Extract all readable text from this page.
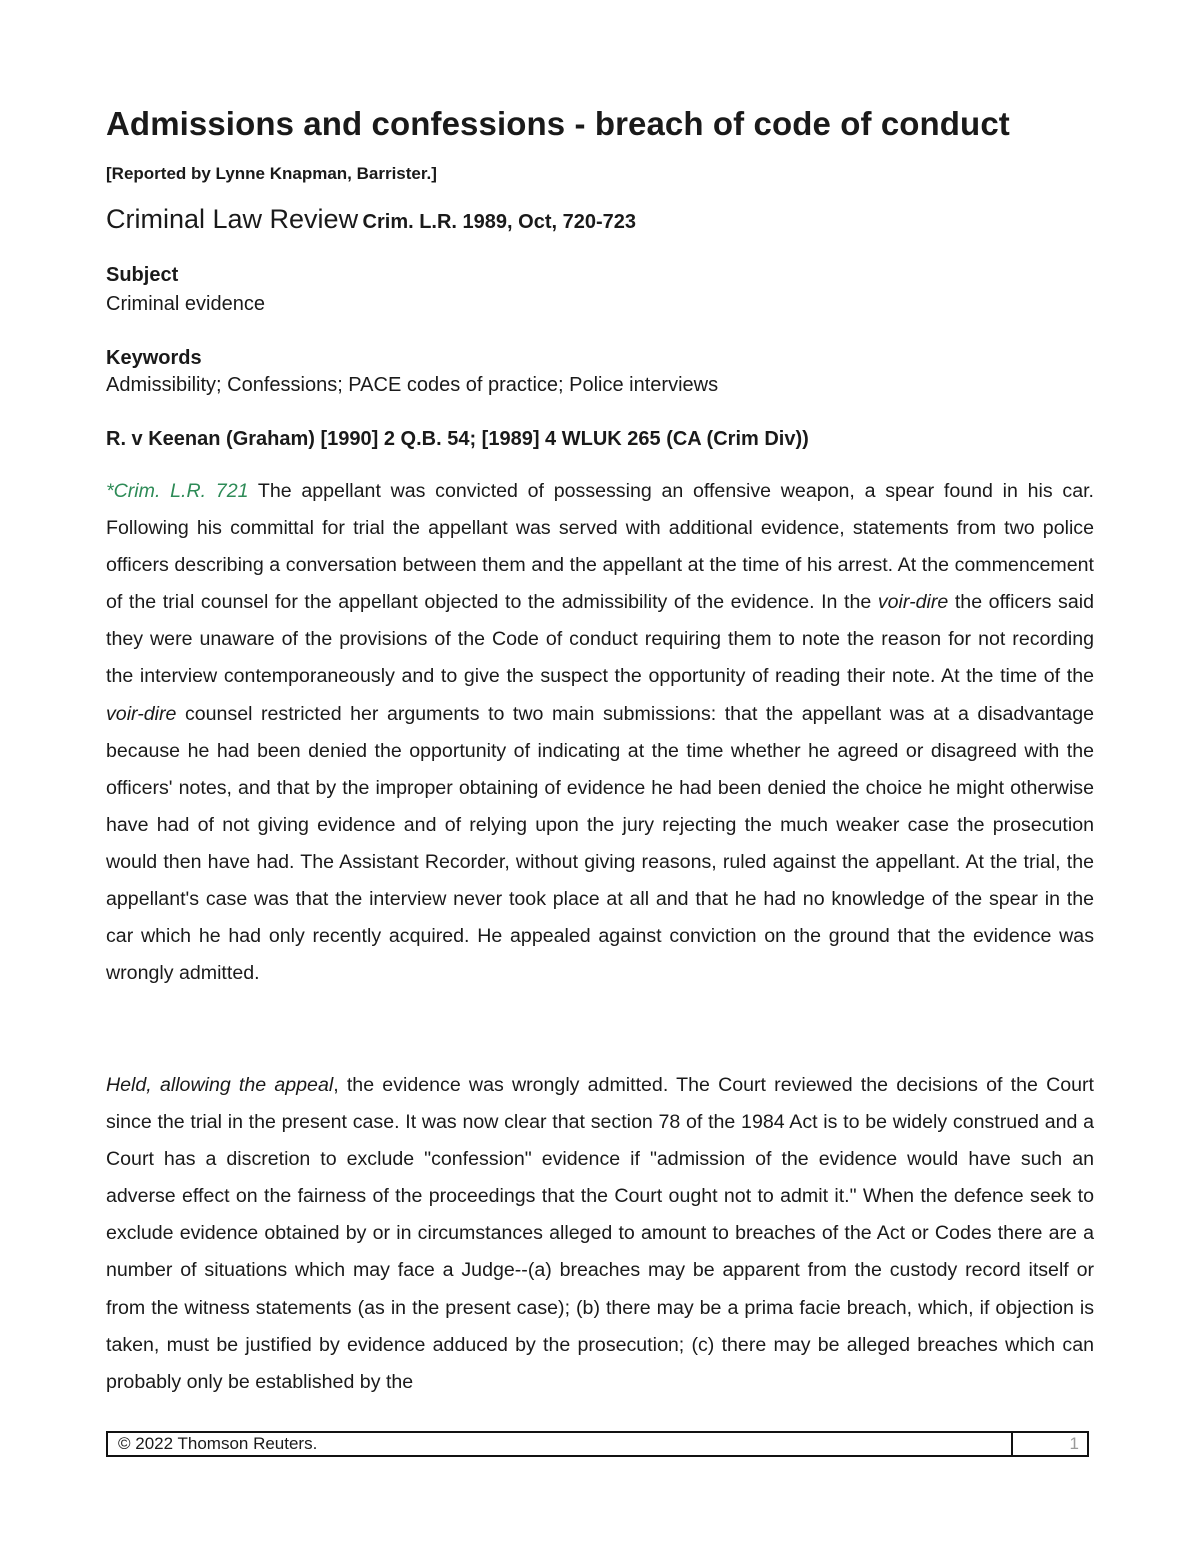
Admissions and confessions - breach of code of conduct
[Reported by Lynne Knapman, Barrister.]
Criminal Law Review Crim. L.R. 1989, Oct, 720-723
Subject
Criminal evidence
Keywords
Admissibility; Confessions; PACE codes of practice; Police interviews
R. v Keenan (Graham) [1990] 2 Q.B. 54; [1989] 4 WLUK 265 (CA (Crim Div))

*Crim. L.R. 721 The appellant was convicted of possessing an offensive weapon, a spear found in his car. Following his committal for trial the appellant was served with additional evidence, statements from two police officers describing a conversation between them and the appellant at the time of his arrest. At the commencement of the trial counsel for the appellant objected to the admissibility of the evidence. In the voir-dire the officers said they were unaware of the provisions of the Code of conduct requiring them to note the reason for not recording the interview contemporaneously and to give the suspect the opportunity of reading their note. At the time of the voir-dire counsel restricted her arguments to two main submissions: that the appellant was at a disadvantage because he had been denied the opportunity of indicating at the time whether he agreed or disagreed with the officers' notes, and that by the improper obtaining of evidence he had been denied the choice he might otherwise have had of not giving evidence and of relying upon the jury rejecting the much weaker case the prosecution would then have had. The Assistant Recorder, without giving reasons, ruled against the appellant. At the trial, the appellant's case was that the interview never took place at all and that he had no knowledge of the spear in the car which he had only recently acquired. He appealed against conviction on the ground that the evidence was wrongly admitted.

Held, allowing the appeal, the evidence was wrongly admitted. The Court reviewed the decisions of the Court since the trial in the present case. It was now clear that section 78 of the 1984 Act is to be widely construed and a Court has a discretion to exclude "confession" evidence if "admission of the evidence would have such an adverse effect on the fairness of the proceedings that the Court ought not to admit it." When the defence seek to exclude evidence obtained by or in circumstances alleged to amount to breaches of the Act or Codes there are a number of situations which may face a Judge--(a) breaches may be apparent from the custody record itself or from the witness statements (as in the present case); (b) there may be a prima facie breach, which, if objection is taken, must be justified by evidence adduced by the prosecution; (c) there may be alleged breaches which can probably only be established by the

© 2022 Thomson Reuters.	1
